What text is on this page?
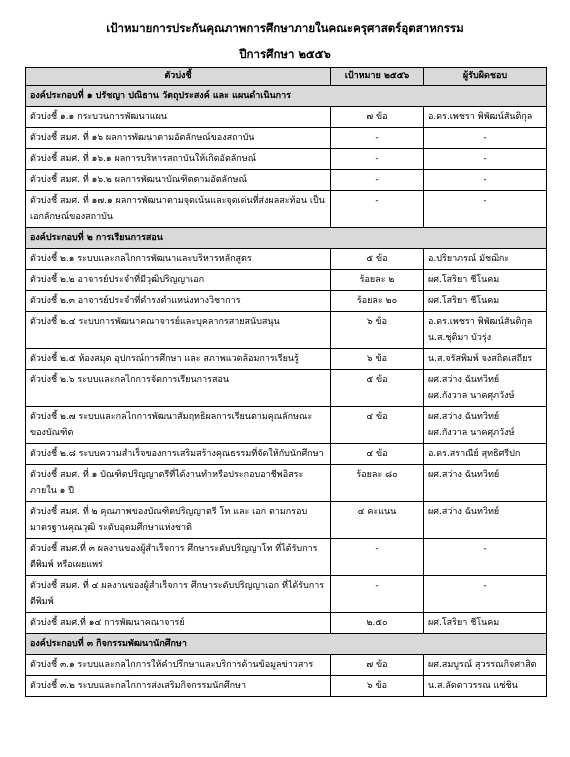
เป้าหมายการประกันคุณภาพการศึกษาภายในคณะครุศาสตร์อุตสาหกรรม
ปีการศึกษา ๒๕๕๖
ตัวบ่งชี้	เป้าหมาย ๒๕๕๖	ผู้รับผิดชอบ
องค์ประกอบที่ ๑ ปรัชญา ปณิธาน วัตถุประสงค์ และ แผนดำเนินการ		
ตัวบ่งชี้ ๑.๑ กระบวนการพัฒนาแผน	๗ ข้อ	อ.ดร.เพชรา พิพัฒน์สันติกุล

ตัวบ่งชี้ สมศ. ที่ ๑๖ ผลการพัฒนาตามอัตลักษณ์ของสถาบัน	-	-

ตัวบ่งชี้ สมศ. ที่ ๑๖.๑ ผลการบริหารสถาบันให้เกิดอัตลักษณ์	-	-

ตัวบ่งชี้ สมศ. ที่ ๑๖.๒ ผลการพัฒนาบัณฑิตตามอัตลักษณ์	-	-

ตัวบ่งชี้ สมศ. ที่ ๑๗.๑ ผลการพัฒนาตามจุดเน้นและจุดเด่นที่ส่งผลสะท้อน เป็นเอกลักษณ์ของสถาบัน	-	-

องค์ประกอบที่ ๒ การเรียนการสอน		
ตัวบ่งชี้ ๒.๑ ระบบและกลไกการพัฒนาและบริหารหลักสูตร	๕ ข้อ	อ.ปริยาภรณ์ มัชฌิกะ

ตัวบ่งชี้ ๒.๒ อาจารย์ประจำที่มีวุฒิปริญญาเอก	ร้อยละ ๒	ผศ.โสริยา ชีโนคม

ตัวบ่งชี้ ๒.๓ อาจารย์ประจำที่ดำรงตำแหน่งทางวิชาการ	ร้อยละ ๒๐	ผศ.โสริยา ชีโนคม

ตัวบ่งชี้ ๒.๔ ระบบการพัฒนาคณาจารย์และบุคลากรสายสนับสนุน	๖ ข้อ	อ.ดร.เพชรา พิพัฒน์สันติกุล
น.ส.ชุติมา บัวรุ่ง

ตัวบ่งชี้ ๒.๕ ห้องสมุด อุปกรณ์การศึกษา และ สภาพแวดล้อมการเรียนรู้	๖ ข้อ	น.ส.จรัสพิมพ์ จงสถิตเสถียร

ตัวบ่งชี้ ๒.๖ ระบบและกลไกการจัดการเรียนการสอน	๕ ข้อ	ผศ.สว่าง ฉันทวิทย์
ผศ.กังวาล นาคศุภวังษ์

ตัวบ่งชี้ ๒.๗ ระบบและกลไกการพัฒนาสัมฤทธิผลการเรียนตามคุณลักษณะ ของบัณฑิต	๔ ข้อ	ผศ.สว่าง ฉันทวิทย์
ผศ.กังวาล นาคศุภวังษ์

ตัวบ่งชี้ ๒.๘ ระบบความสำเร็จของการเสริมสร้างคุณธรรมที่จัดให้กับนักศึกษา	๔ ข้อ	อ.ดร.สราณีย์ สุทธิศรีปก

ตัวบ่งชี้ สมศ. ที่ ๑ บัณฑิตปริญญาตรีที่ได้งานทำหรือประกอบอาชีพอิสระ ภายใน ๑ ปี	ร้อยละ ๘๐	ผศ.สว่าง ฉันทวิทย์

ตัวบ่งชี้ สมศ. ที่ ๒ คุณภาพของบัณฑิตปริญญาตรี โท และ เอก ตามกรอบ มาตรฐานคุณวุฒิ ระดับอุดมศึกษาแห่งชาติ	๔ คะแนน	ผศ.สว่าง ฉันทวิทย์

ตัวบ่งชี้ สมศ.ที่ ๓ ผลงานของผู้สำเร็จการ ศึกษาระดับปริญญาโท ที่ได้รับการ ตีพิมพ์ หรือเผยแพร่	-	-

ตัวบ่งชี้ สมศ. ที่ ๔ ผลงานของผู้สำเร็จการ ศึกษาระดับปริญญาเอก ที่ได้รับการ ตีพิมพ์	-	-

ตัวบ่งชี้ สมศ.ที่ ๑๔ การพัฒนาคณาจารย์	๒.๕๐	ผศ.โสริยา ชีโนคม

องค์ประกอบที่ ๓ กิจกรรมพัฒนานักศึกษา		
ตัวบ่งชี้ ๓.๑ ระบบและกลไกการให้คำปรึกษาและบริการด้านข้อมูลข่าวสาร	๗ ข้อ	ผศ.สมบูรณ์ สุวรรณกิจศาสิต

ตัวบ่งชี้ ๓.๒ ระบบและกลไกการส่งเสริมกิจกรรมนักศึกษา	๖ ข้อ	น.ส.ลัดดาวรรณ แซ่ชิน
